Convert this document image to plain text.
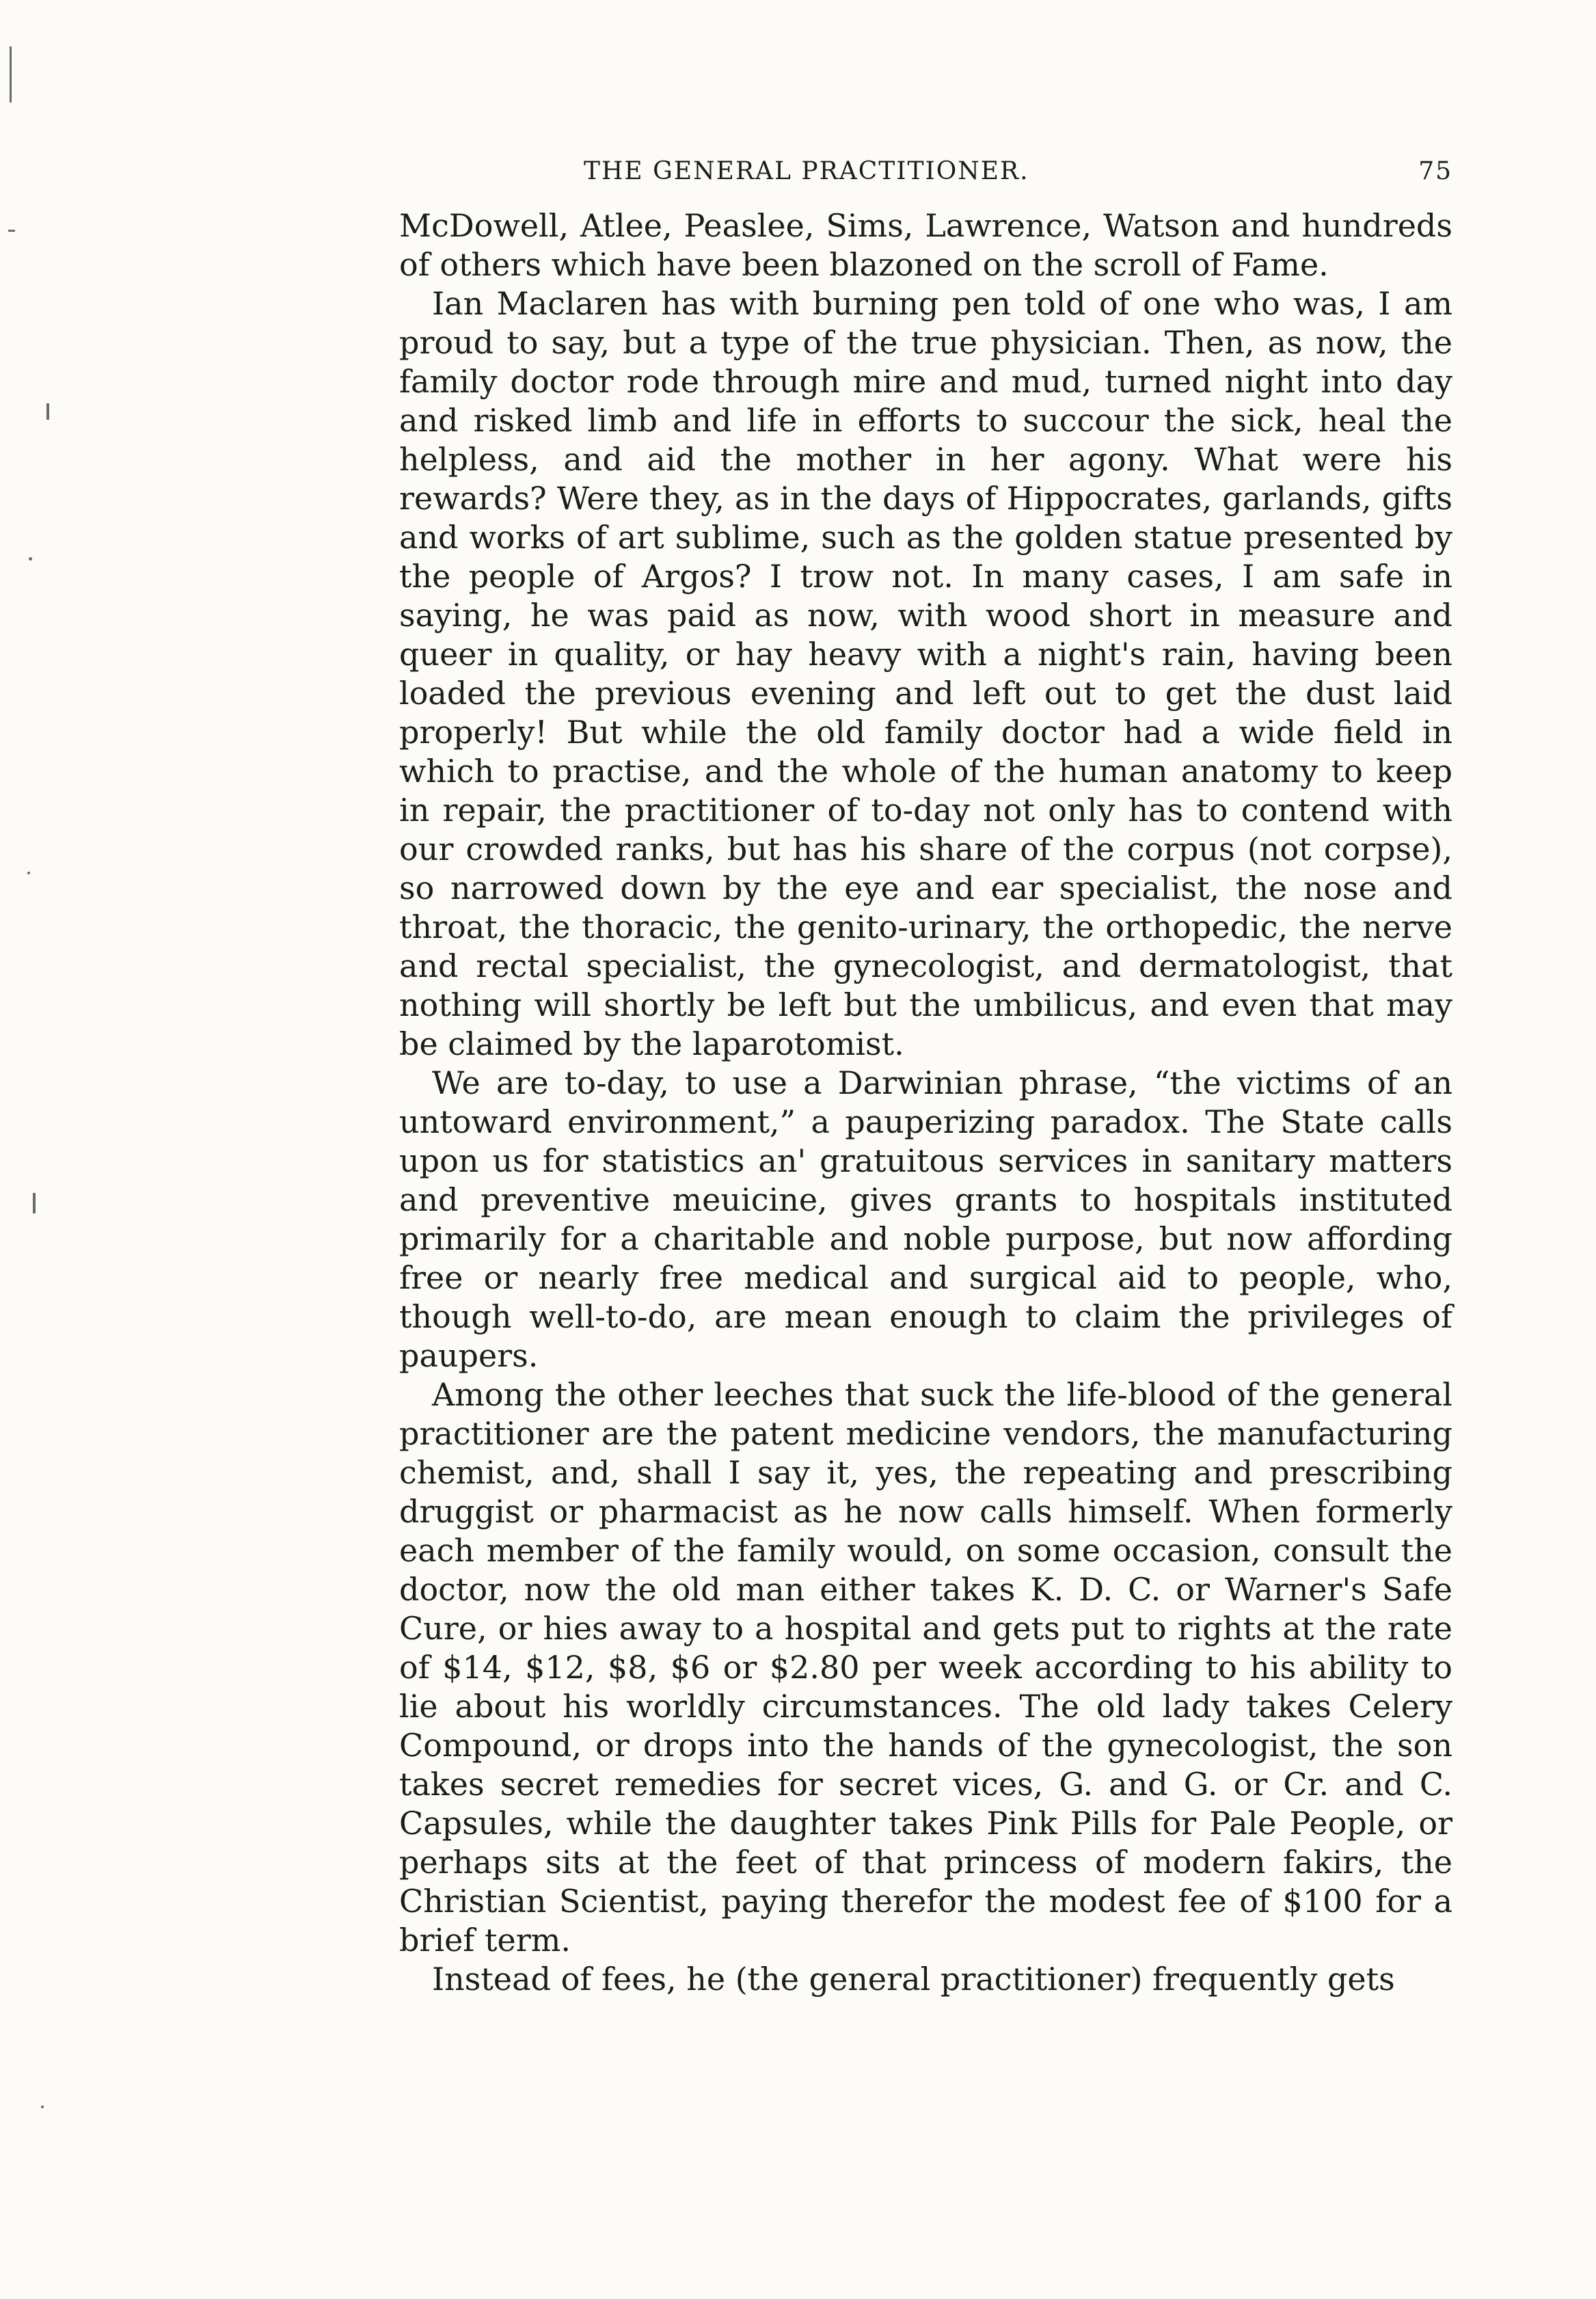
THE GENERAL PRACTITIONER.	75

McDowell, Atlee, Peaslee, Sims, Lawrence, Watson and hundreds of others which have been blazoned on the scroll of Fame.

Ian Maclaren has with burning pen told of one who was, I am proud to say, but a type of the true physician. Then, as now, the family doctor rode through mire and mud, turned night into day and risked limb and life in efforts to succour the sick, heal the helpless, and aid the mother in her agony. What were his rewards? Were they, as in the days of Hippocrates, garlands, gifts and works of art sublime, such as the golden statue presented by the people of Argos? I trow not. In many cases, I am safe in saying, he was paid as now, with wood short in measure and queer in quality, or hay heavy with a night's rain, having been loaded the previous evening and left out to get the dust laid properly! But while the old family doctor had a wide field in which to practise, and the whole of the human anatomy to keep in repair, the practitioner of to-day not only has to contend with our crowded ranks, but has his share of the corpus (not corpse), so narrowed down by the eye and ear specialist, the nose and throat, the thoracic, the genito-urinary, the orthopedic, the nerve and rectal specialist, the gynecologist, and dermatologist, that nothing will shortly be left but the umbilicus, and even that may be claimed by the laparotomist.

We are to-day, to use a Darwinian phrase, “the victims of an untoward environment,” a pauperizing paradox. The State calls upon us for statistics an' gratuitous services in sanitary matters and preventive meuicine, gives grants to hospitals instituted primarily for a charitable and noble purpose, but now affording free or nearly free medical and surgical aid to people, who, though well-to-do, are mean enough to claim the privileges of paupers.

Among the other leeches that suck the life-blood of the general practitioner are the patent medicine vendors, the manufacturing chemist, and, shall I say it, yes, the repeating and prescribing druggist or pharmacist as he now calls himself. When formerly each member of the family would, on some occasion, consult the doctor, now the old man either takes K. D. C. or Warner's Safe Cure, or hies away to a hospital and gets put to rights at the rate of $14, $12, $8, $6 or $2.80 per week according to his ability to lie about his worldly circumstances. The old lady takes Celery Compound, or drops into the hands of the gynecologist, the son takes secret remedies for secret vices, G. and G. or Cr. and C. Capsules, while the daughter takes Pink Pills for Pale People, or perhaps sits at the feet of that princess of modern fakirs, the Christian Scientist, paying therefor the modest fee of $100 for a brief term.

Instead of fees, he (the general practitioner) frequently gets
